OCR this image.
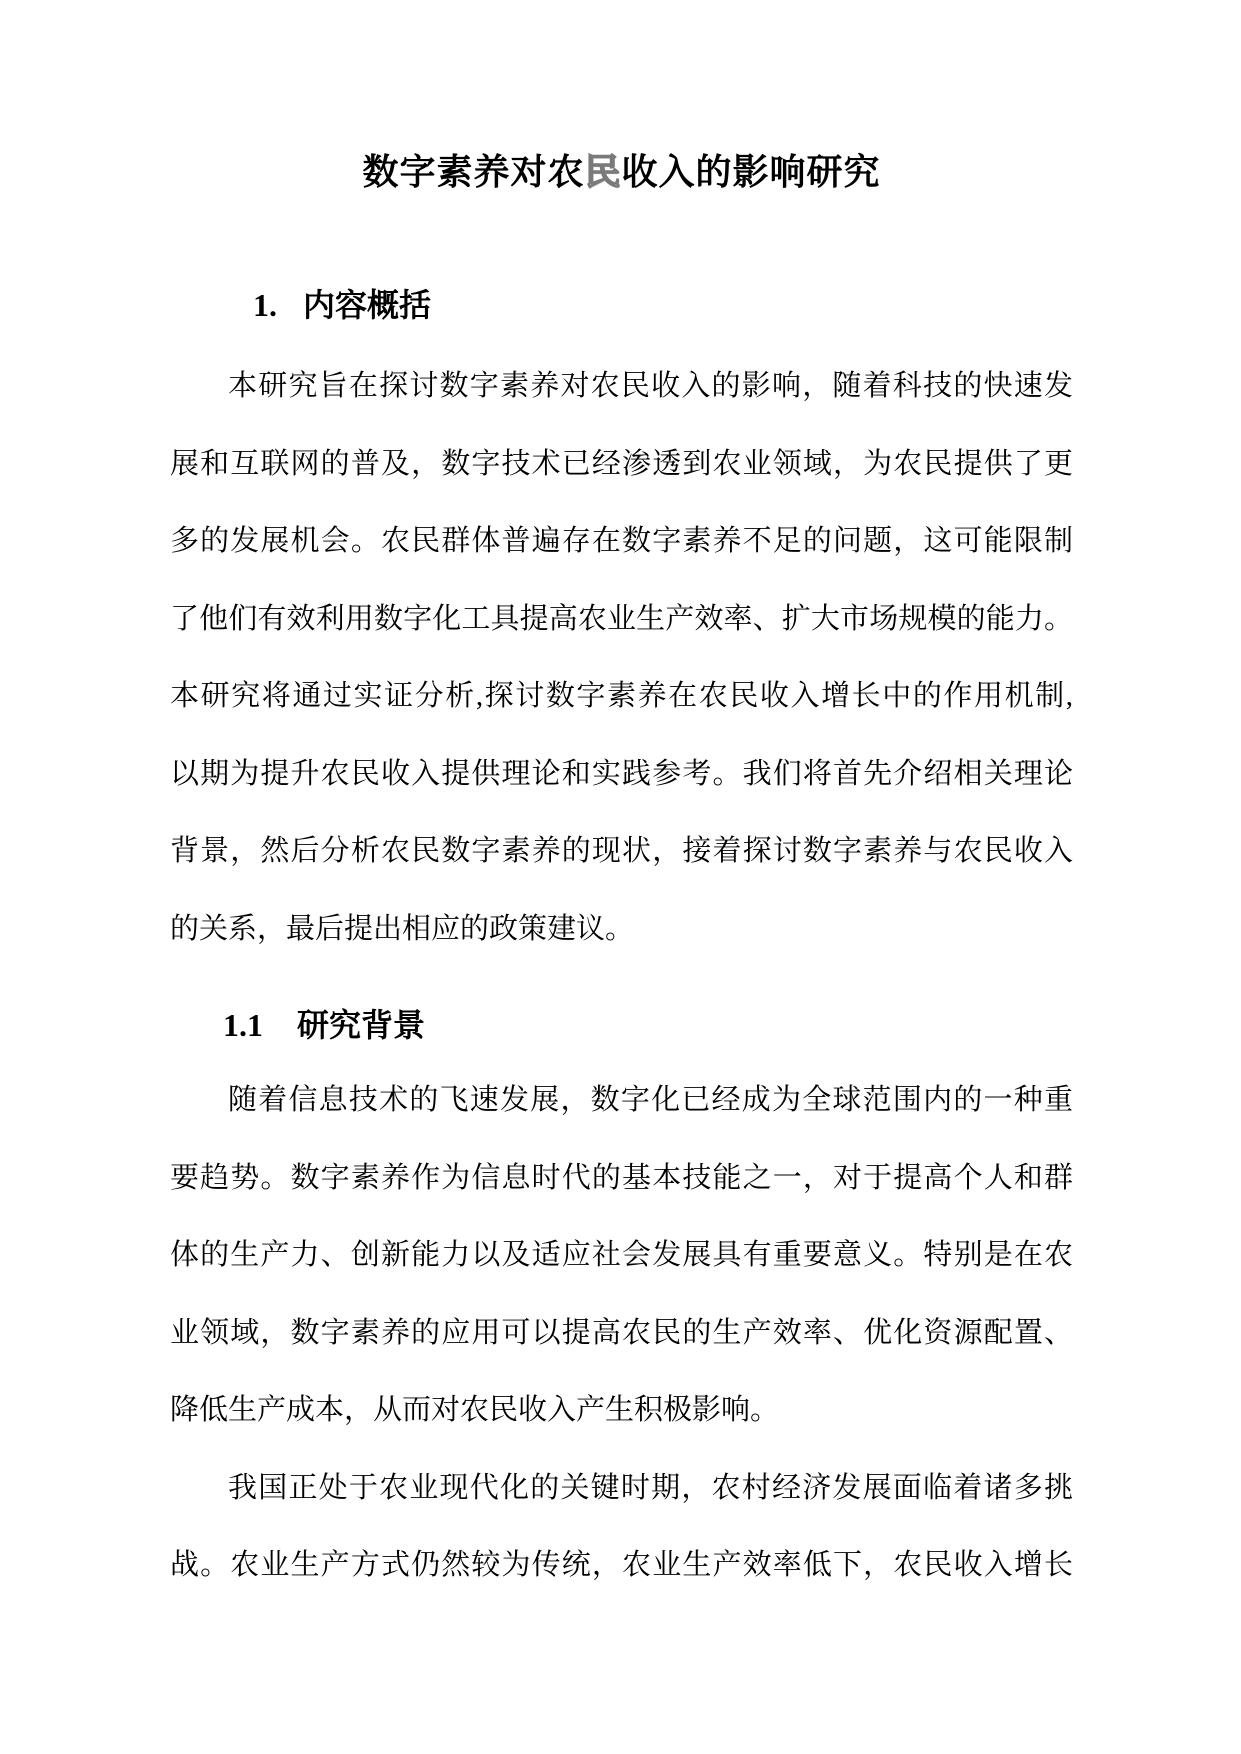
数字素养对农民收入的影响研究
1. 内容概括
本研究旨在探讨数字素养对农民收入的影响，随着科技的快速发
展和互联网的普及，数字技术已经渗透到农业领域，为农民提供了更
多的发展机会。农民群体普遍存在数字素养不足的问题，这可能限制
了他们有效利用数字化工具提高农业生产效率、扩大市场规模的能力。
本研究将通过实证分析,探讨数字素养在农民收入增长中的作用机制,
以期为提升农民收入提供理论和实践参考。我们将首先介绍相关理论
背景，然后分析农民数字素养的现状，接着探讨数字素养与农民收入
的关系，最后提出相应的政策建议。
1.1 研究背景
随着信息技术的飞速发展，数字化已经成为全球范围内的一种重
要趋势。数字素养作为信息时代的基本技能之一，对于提高个人和群
体的生产力、创新能力以及适应社会发展具有重要意义。特别是在农
业领域，数字素养的应用可以提高农民的生产效率、优化资源配置、
降低生产成本，从而对农民收入产生积极影响。
我国正处于农业现代化的关键时期，农村经济发展面临着诸多挑
战。农业生产方式仍然较为传统，农业生产效率低下，农民收入增长
